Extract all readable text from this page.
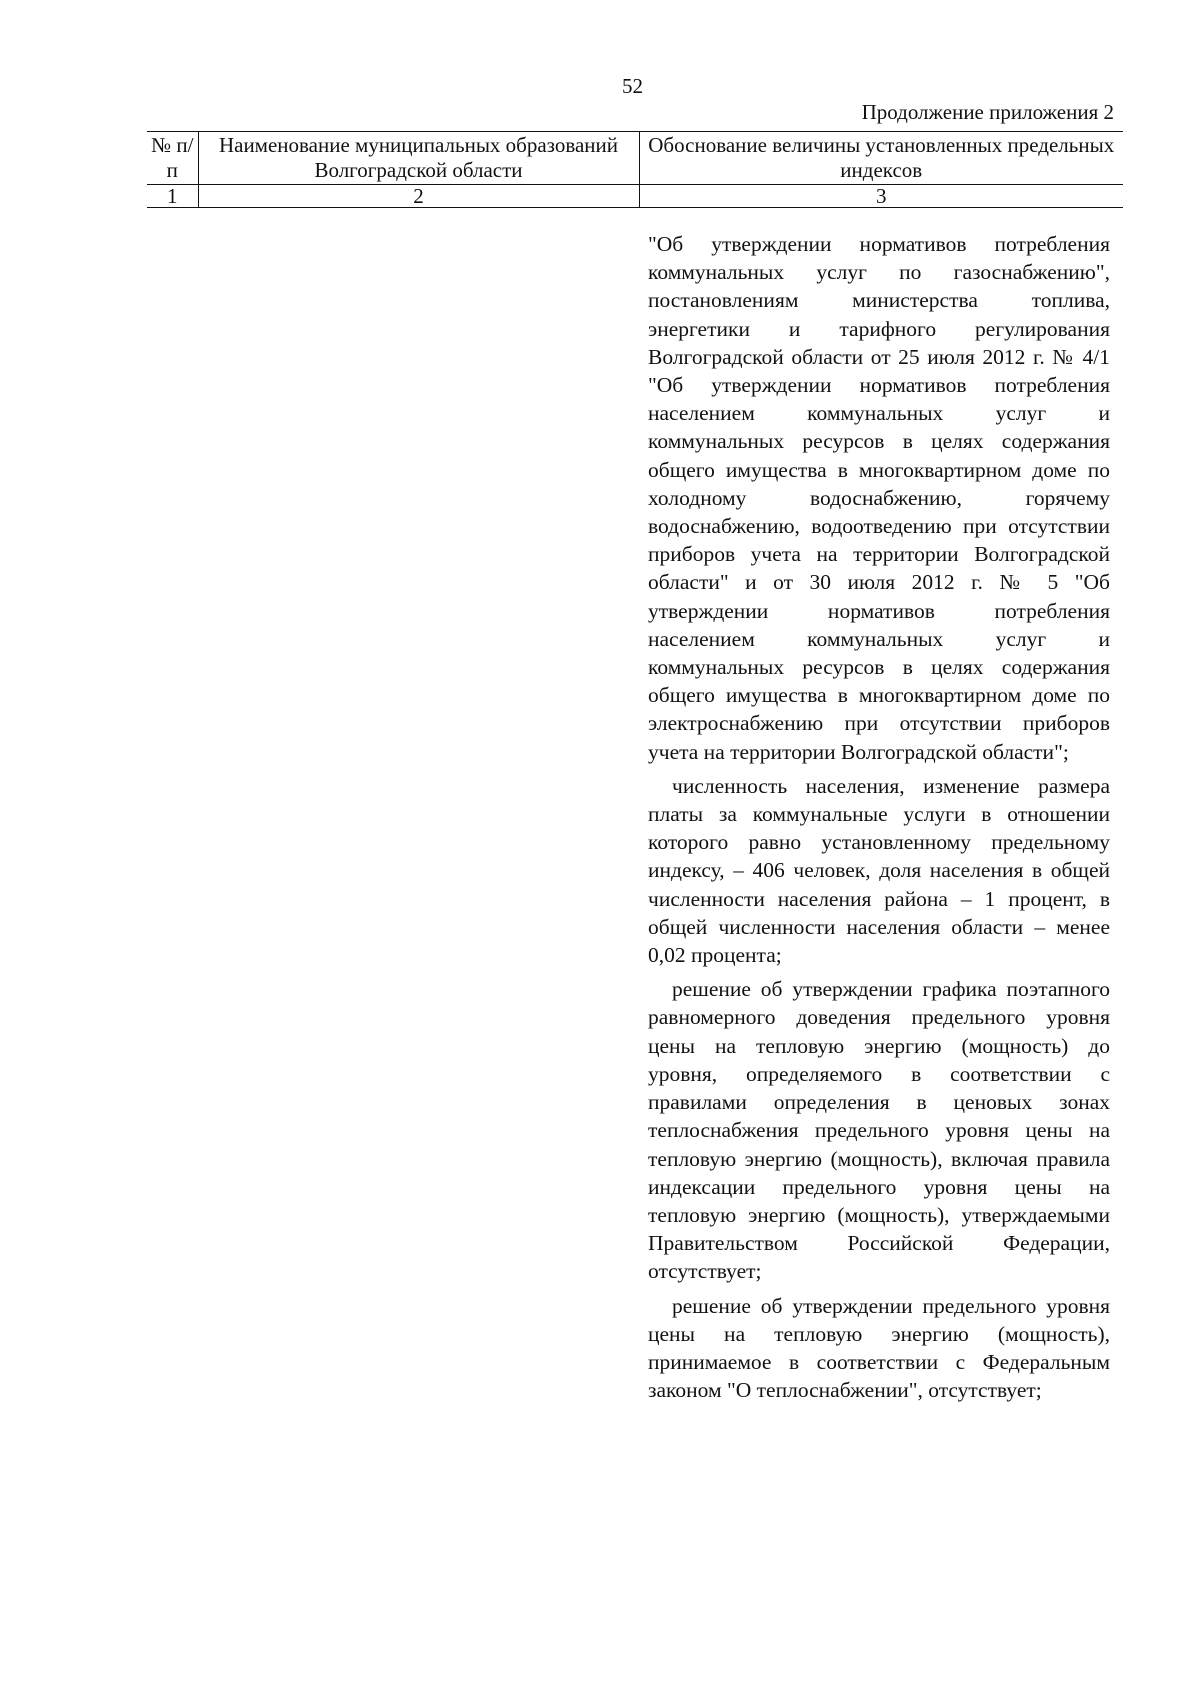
52
Продолжение приложения 2
№ п/п	Наименование муниципальных образований Волгоградской области	Обоснование величины установленных предельных индексов
1	2	3

"Об утверждении нормативов потребления коммунальных услуг по газоснабжению", постановлениям министерства топлива, энергетики и тарифного регулирования Волгоградской области от 25 июля 2012 г. № 4/1 "Об утверждении нормативов потребления населением коммунальных услуг и коммунальных ресурсов в целях содержания общего имущества в многоквартирном доме по холодному водоснабжению, горячему водоснабжению, водоотведению при отсутствии приборов учета на территории Волгоградской области" и от 30 июля 2012 г. № 5 "Об утверждении нормативов потребления населением коммунальных услуг и коммунальных ресурсов в целях содержания общего имущества в многоквартирном доме по электроснабжению при отсутствии приборов учета на территории Волгоградской области";

численность населения, изменение размера платы за коммунальные услуги в отношении которого равно установленному предельному индексу, – 406 человек, доля населения в общей численности населения района – 1 процент, в общей численности населения области – менее 0,02 процента;

решение об утверждении графика поэтапного равномерного доведения предельного уровня цены на тепловую энергию (мощность) до уровня, определяемого в соответствии с правилами определения в ценовых зонах теплоснабжения предельного уровня цены на тепловую энергию (мощность), включая правила индексации предельного уровня цены на тепловую энергию (мощность), утверждаемыми Правительством Российской Федерации, отсутствует;

решение об утверждении предельного уровня цены на тепловую энергию (мощность), принимаемое в соответствии с Федеральным законом "О теплоснабжении", отсутствует;
